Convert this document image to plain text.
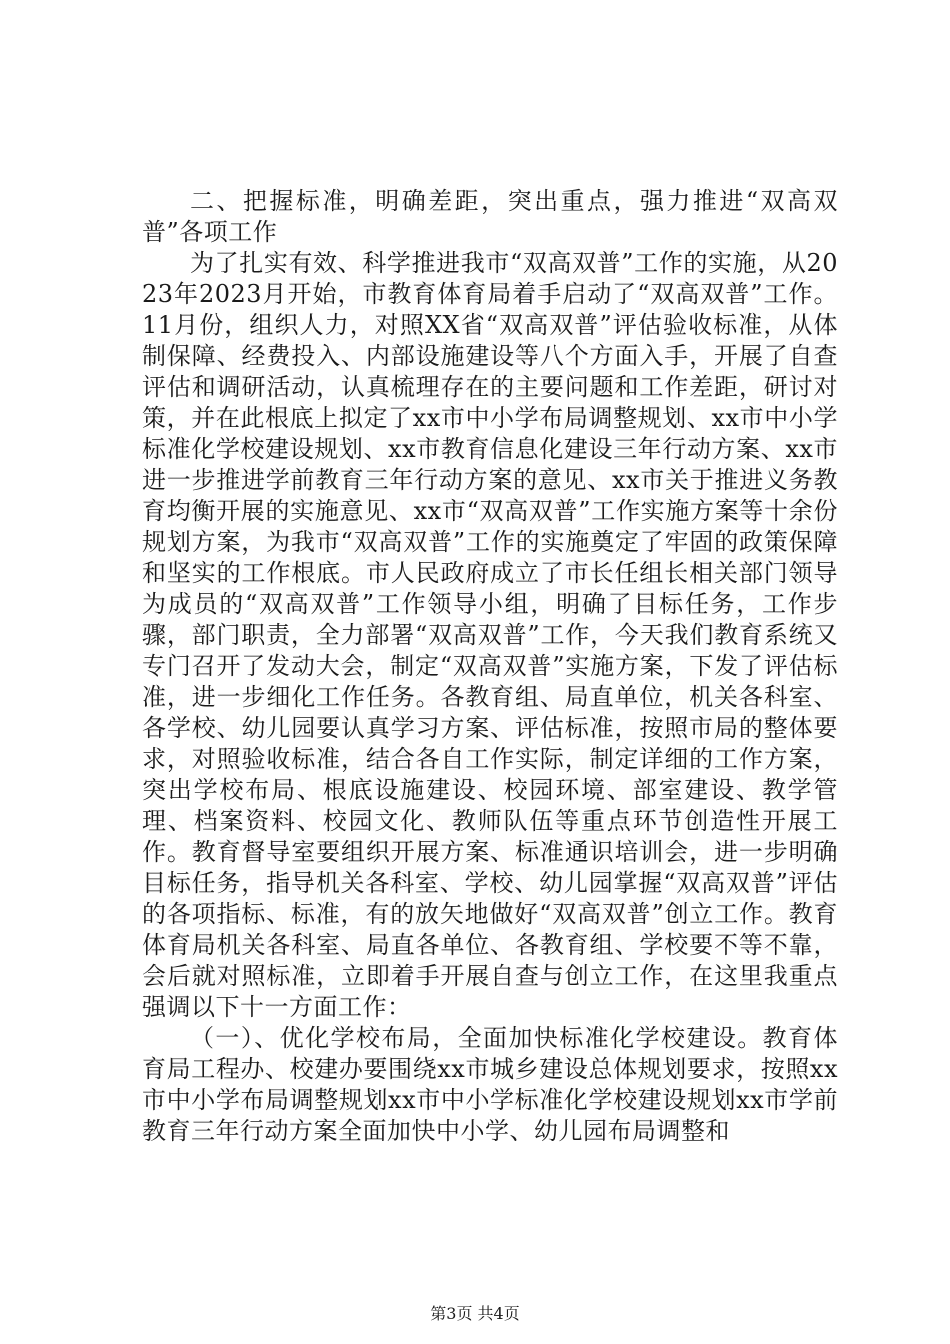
二、把握标准，明确差距，突出重点，强力推进“双高双普”各项工作

为了扎实有效、科学推进我市“双高双普”工作的实施，从2023年2023月开始，市教育体育局着手启动了“双高双普”工作。11月份，组织人力，对照XX省“双高双普”评估验收标准，从体制保障、经费投入、内部设施建设等八个方面入手，开展了自查评估和调研活动，认真梳理存在的主要问题和工作差距，研讨对策，并在此根底上拟定了xx市中小学布局调整规划、xx市中小学标准化学校建设规划、xx市教育信息化建设三年行动方案、xx市进一步推进学前教育三年行动方案的意见、xx市关于推进义务教育均衡开展的实施意见、xx市“双高双普”工作实施方案等十余份规划方案，为我市“双高双普”工作的实施奠定了牢固的政策保障和坚实的工作根底。市人民政府成立了市长任组长相关部门领导为成员的“双高双普”工作领导小组，明确了目标任务，工作步骤，部门职责，全力部署“双高双普”工作，今天我们教育系统又专门召开了发动大会，制定“双高双普”实施方案，下发了评估标准，进一步细化工作任务。各教育组、局直单位，机关各科室、各学校、幼儿园要认真学习方案、评估标准，按照市局的整体要求，对照验收标准，结合各自工作实际，制定详细的工作方案，突出学校布局、根底设施建设、校园环境、部室建设、教学管理、档案资料、校园文化、教师队伍等重点环节创造性开展工作。教育督导室要组织开展方案、标准通识培训会，进一步明确目标任务，指导机关各科室、学校、幼儿园掌握“双高双普”评估的各项指标、标准，有的放矢地做好“双高双普”创立工作。教育体育局机关各科室、局直各单位、各教育组、学校要不等不靠，会后就对照标准，立即着手开展自查与创立工作，在这里我重点强调以下十一方面工作：

（一）、优化学校布局，全面加快标准化学校建设。教育体育局工程办、校建办要围绕xx市城乡建设总体规划要求，按照xx市中小学布局调整规划xx市中小学标准化学校建设规划xx市学前教育三年行动方案全面加快中小学、幼儿园布局调整和

第3页 共4页
